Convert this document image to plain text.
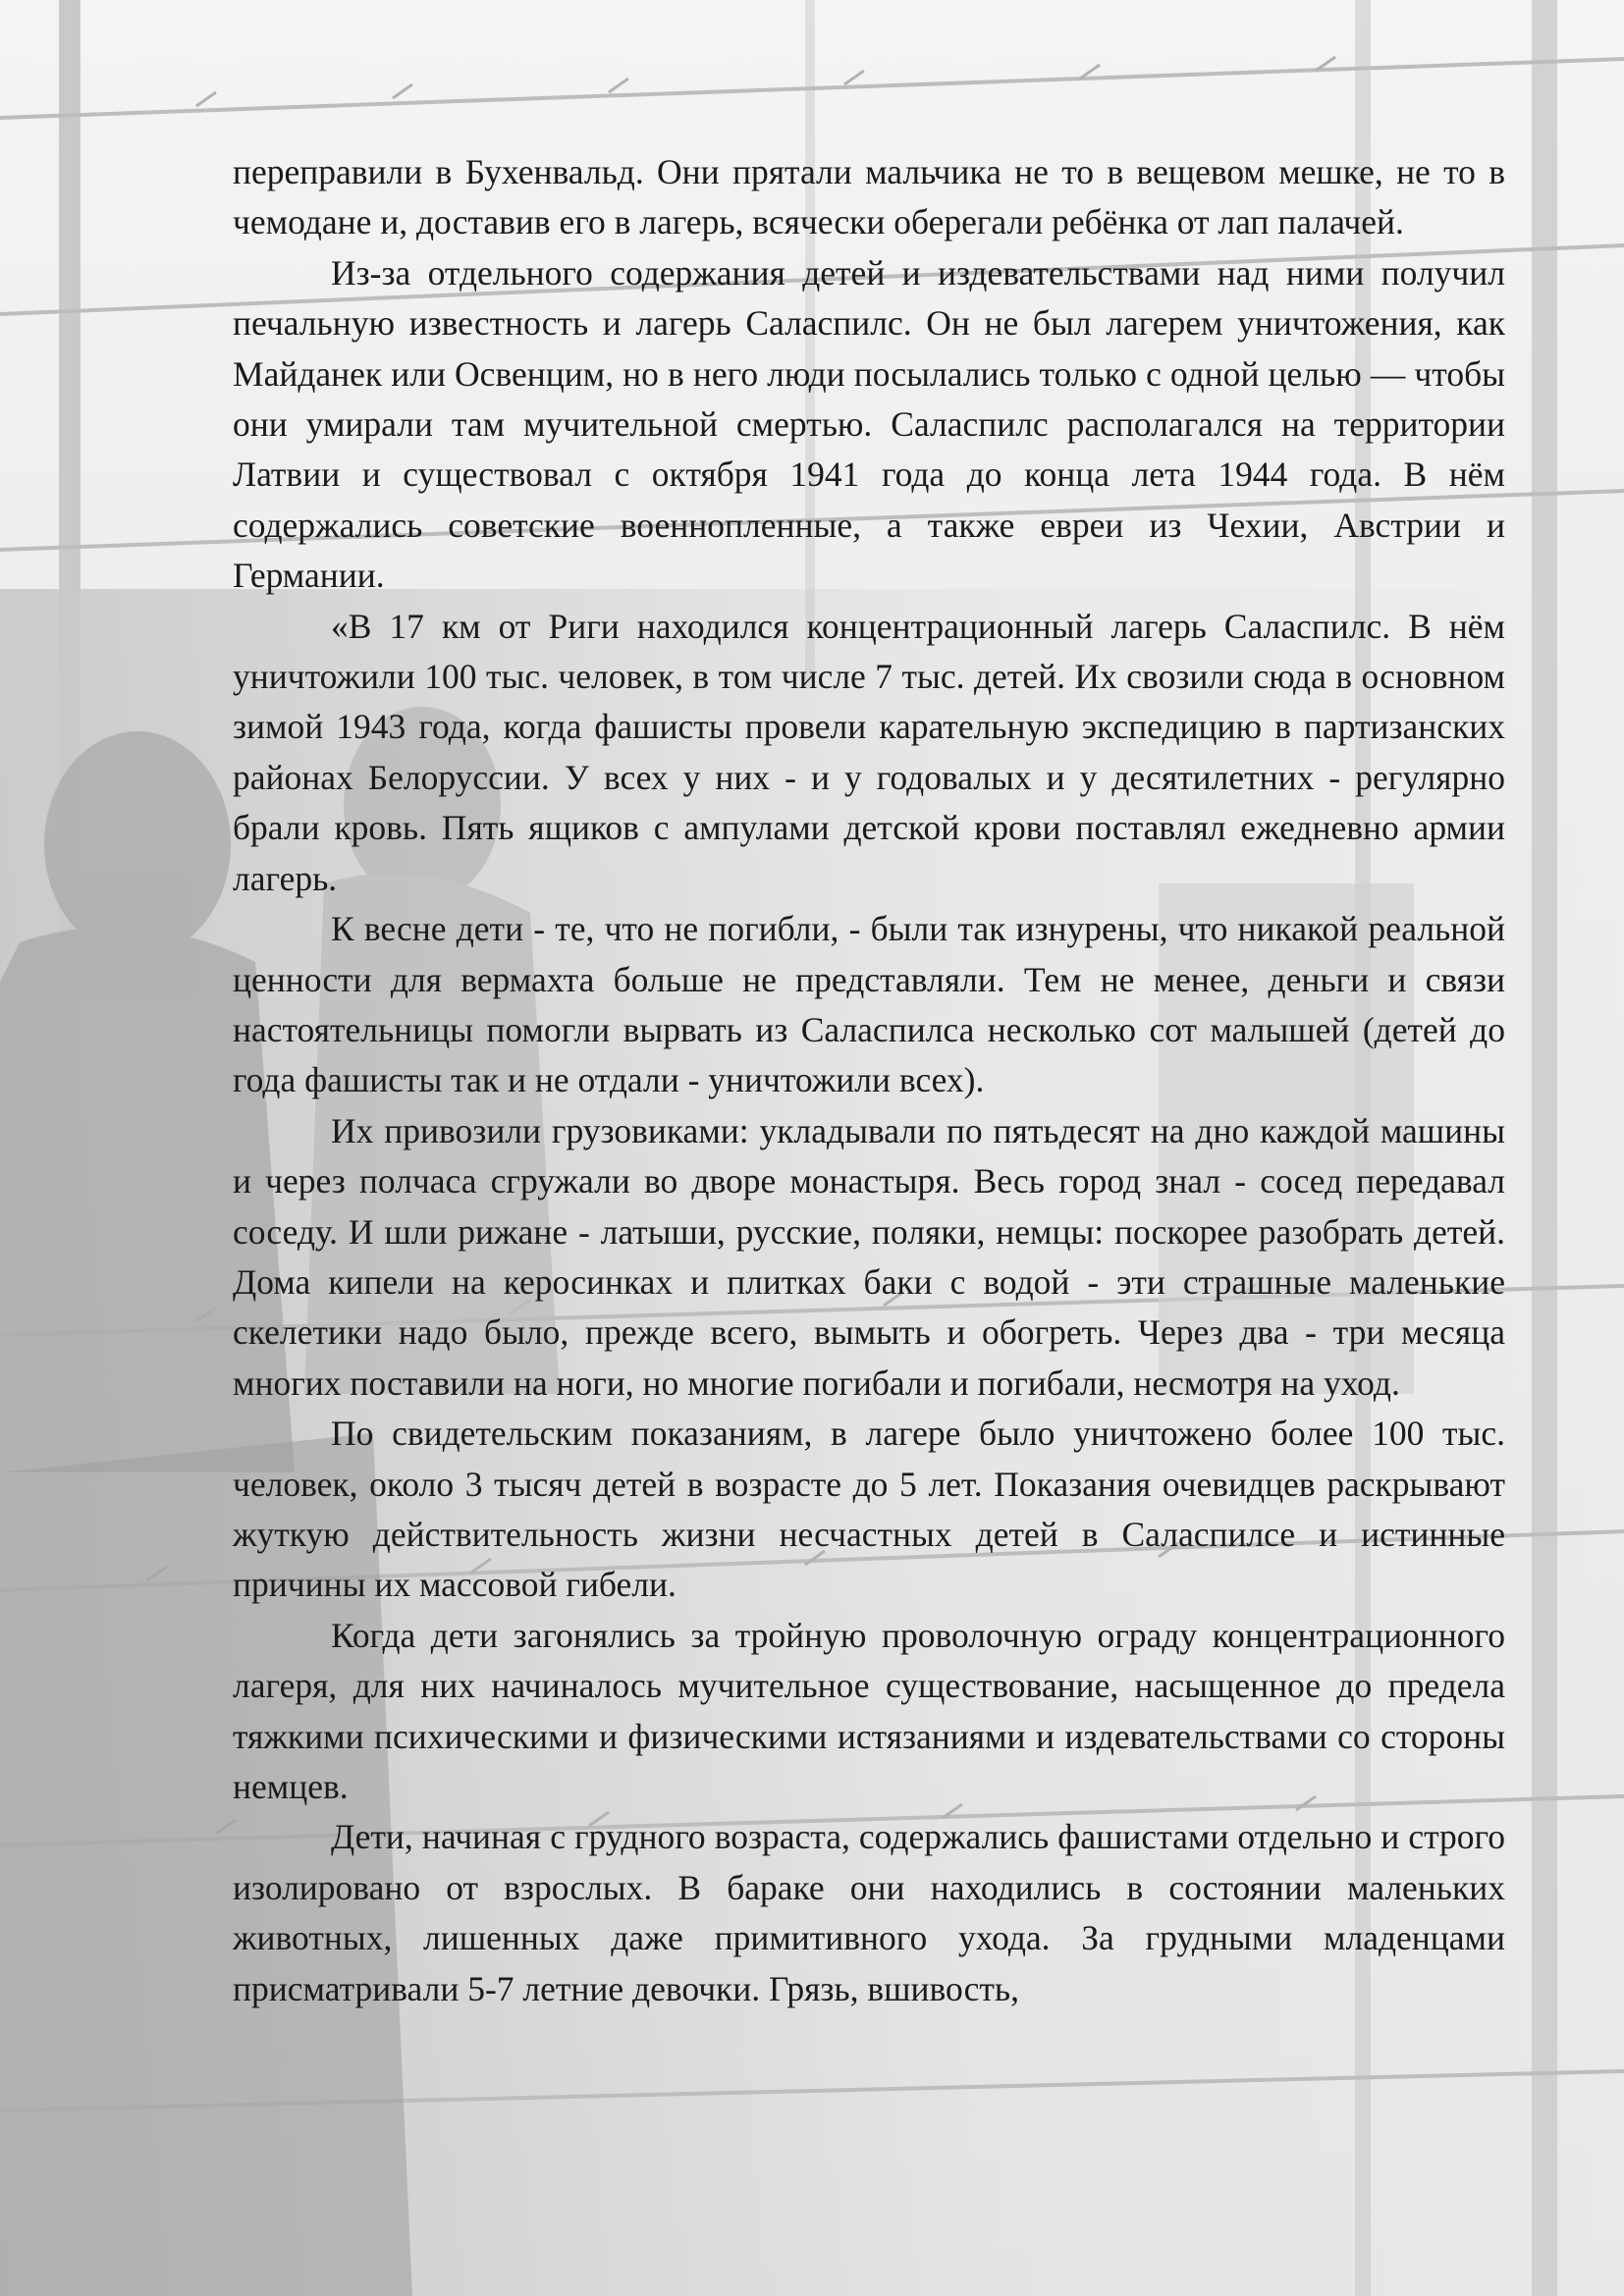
переправили в Бухенвальд. Они прятали мальчика не то в вещевом мешке, не то в чемодане и, доставив его в лагерь, всячески оберегали ребёнка от лап палачей.

Из-за отдельного содержания детей и издевательствами над ними получил печальную известность и лагерь Саласпилс. Он не был лагерем уничтожения, как Майданек или Освенцим, но в него люди посылались только с одной целью — чтобы они умирали там мучительной смертью. Саласпилс располагался на территории Латвии и существовал с октября 1941 года до конца лета 1944 года. В нём содержались советские военнопленные, а также евреи из Чехии, Австрии и Германии.

«В 17 км от Риги находился концентрационный лагерь Саласпилс. В нём уничтожили 100 тыс. человек, в том числе 7 тыс. детей. Их свозили сюда в основном зимой 1943 года, когда фашисты провели карательную экспедицию в партизанских районах Белоруссии. У всех у них - и у годовалых и у десятилетних - регулярно брали кровь. Пять ящиков с ампулами детской крови поставлял ежедневно армии лагерь.

К весне дети - те, что не погибли, - были так изнурены, что никакой реальной ценности для вермахта больше не представляли. Тем не менее, деньги и связи настоятельницы помогли вырвать из Саласпилса несколько сот малышей (детей до года фашисты так и не отдали - уничтожили всех).

Их привозили грузовиками: укладывали по пятьдесят на дно каждой машины и через полчаса сгружали во дворе монастыря. Весь город знал - сосед передавал соседу. И шли рижане - латыши, русские, поляки, немцы: поскорее разобрать детей. Дома кипели на керосинках и плитках баки с водой - эти страшные маленькие скелетики надо было, прежде всего, вымыть и обогреть. Через два - три месяца многих поставили на ноги, но многие погибали и погибали, несмотря на уход.

По свидетельским показаниям, в лагере было уничтожено более 100 тыс. человек, около 3 тысяч детей в возрасте до 5 лет. Показания очевидцев раскрывают жуткую действительность жизни несчастных детей в Саласпилсе и истинные причины их массовой гибели.

Когда дети загонялись за тройную проволочную ограду концентрационного лагеря, для них начиналось мучительное существование, насыщенное до предела тяжкими психическими и физическими истязаниями и издевательствами со стороны немцев.

Дети, начиная с грудного возраста, содержались фашистами отдельно и строго изолировано от взрослых. В бараке они находились в состоянии маленьких животных, лишенных даже примитивного ухода. За грудными младенцами присматривали 5-7 летние девочки. Грязь, вшивость,
